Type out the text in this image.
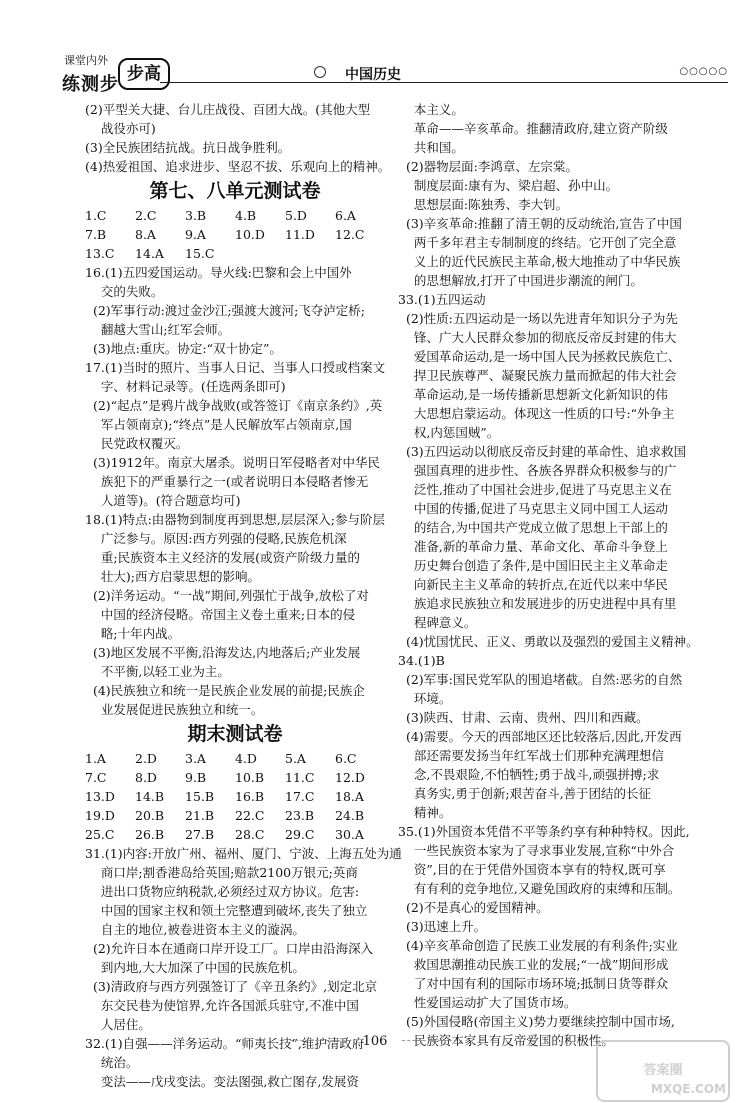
课堂内外
练测步 步高	中国历史	○○○○○
(2)平型关大捷、台儿庄战役、百团大战。(其他大型
战役亦可)
(3)全民族团结抗战。抗日战争胜利。
(4)热爱祖国、追求进步、坚忍不拔、乐观向上的精神。
第七、八单元测试卷
1.C	2.C	3.B	4.B	5.D	6.A
7.B	8.A	9.A	10.D	11.D	12.C
13.C	14.A	15.C
16.(1)五四爱国运动。导火线:巴黎和会上中国外
交的失败。
(2)军事行动:渡过金沙江;强渡大渡河;飞夺泸定桥;
翻越大雪山;红军会师。
(3)地点:重庆。协定:“双十协定”。
17.(1)当时的照片、当事人日记、当事人口授或档案文
字、材料记录等。(任选两条即可)
(2)“起点”是鸦片战争战败(或答签订《南京条约》,英
军占领南京);“终点”是人民解放军占领南京,国
民党政权覆灭。
(3)1912年。南京大屠杀。说明日军侵略者对中华民
族犯下的严重暴行之一(或者说明日本侵略者惨无
人道等)。(符合题意均可)
18.(1)特点:由器物到制度再到思想,层层深入;参与阶层
广泛参与。原因:西方列强的侵略,民族危机深
重;民族资本主义经济的发展(或资产阶级力量的
壮大);西方启蒙思想的影响。
(2)洋务运动。“一战”期间,列强忙于战争,放松了对
中国的经济侵略。帝国主义卷土重来;日本的侵
略;十年内战。
(3)地区发展不平衡,沿海发达,内地落后;产业发展
不平衡,以轻工业为主。
(4)民族独立和统一是民族企业发展的前提;民族企
业发展促进民族独立和统一。
期末测试卷
1.A	2.D	3.A	4.D	5.A	6.C
7.C	8.D	9.B	10.B	11.C	12.D
13.D	14.B	15.B	16.B	17.C	18.A
19.D	20.B	21.B	22.C	23.B	24.B
25.C	26.B	27.B	28.C	29.C	30.A
31.(1)内容:开放广州、福州、厦门、宁波、上海五处为通
商口岸;割香港岛给英国;赔款2100万银元;英商
进出口货物应纳税款,必须经过双方协议。危害:
中国的国家主权和领土完整遭到破坏,丧失了独立
自主的地位,被卷进资本主义的漩涡。
(2)允许日本在通商口岸开设工厂。口岸由沿海深入
到内地,大大加深了中国的民族危机。
(3)清政府与西方列强签订了《辛丑条约》,划定北京
东交民巷为使馆界,允许各国派兵驻守,不准中国
人居住。
32.(1)自强——洋务运动。“师夷长技”,维护清政府
统治。
变法——戊戌变法。变法图强,救亡图存,发展资
本主义。
革命——辛亥革命。推翻清政府,建立资产阶级
共和国。
(2)器物层面:李鸿章、左宗棠。
制度层面:康有为、梁启超、孙中山。
思想层面:陈独秀、李大钊。
(3)辛亥革命:推翻了清王朝的反动统治,宣告了中国
两千多年君主专制制度的终结。它开创了完全意
义上的近代民族民主革命,极大地推动了中华民族
的思想解放,打开了中国进步潮流的闸门。
33.(1)五四运动
(2)性质:五四运动是一场以先进青年知识分子为先
锋、广大人民群众参加的彻底反帝反封建的伟大
爱国革命运动,是一场中国人民为拯救民族危亡、
捍卫民族尊严、凝聚民族力量而掀起的伟大社会
革命运动,是一场传播新思想新文化新知识的伟
大思想启蒙运动。体现这一性质的口号:“外争主
权,内惩国贼”。
(3)五四运动以彻底反帝反封建的革命性、追求救国
强国真理的进步性、各族各界群众积极参与的广
泛性,推动了中国社会进步,促进了马克思主义在
中国的传播,促进了马克思主义同中国工人运动
的结合,为中国共产党成立做了思想上干部上的
准备,新的革命力量、革命文化、革命斗争登上
历史舞台创造了条件,是中国旧民主主义革命走
向新民主主义革命的转折点,在近代以来中华民
族追求民族独立和发展进步的历史进程中具有里
程碑意义。
(4)忧国忧民、正义、勇敢以及强烈的爱国主义精神。
34.(1)B
(2)军事:国民党军队的围追堵截。自然:恶劣的自然
环境。
(3)陕西、甘肃、云南、贵州、四川和西藏。
(4)需要。今天的西部地区还比较落后,因此,开发西
部还需要发扬当年红军战士们那种充满理想信
念,不畏艰险,不怕牺牲;勇于战斗,顽强拼搏;求
真务实,勇于创新;艰苦奋斗,善于团结的长征
精神。
35.(1)外国资本凭借不平等条约享有种种特权。因此,
一些民族资本家为了寻求事业发展,宣称“中外合
资”,目的在于凭借外国资本享有的特权,既可享
有有利的竞争地位,又避免国政府的束缚和压制。
(2)不是真心的爱国精神。
(3)迅速上升。
(4)辛亥革命创造了民族工业发展的有利条件;实业
救国思潮推动民族工业的发展;“一战”期间形成
了对中国有利的国际市场环境;抵制日货等群众
性爱国运动扩大了国货市场。
(5)外国侵略(帝国主义)势力要继续控制中国市场,
民族资本家具有反帝爱国的积极性。
106
答案圈
MXQE.COM
